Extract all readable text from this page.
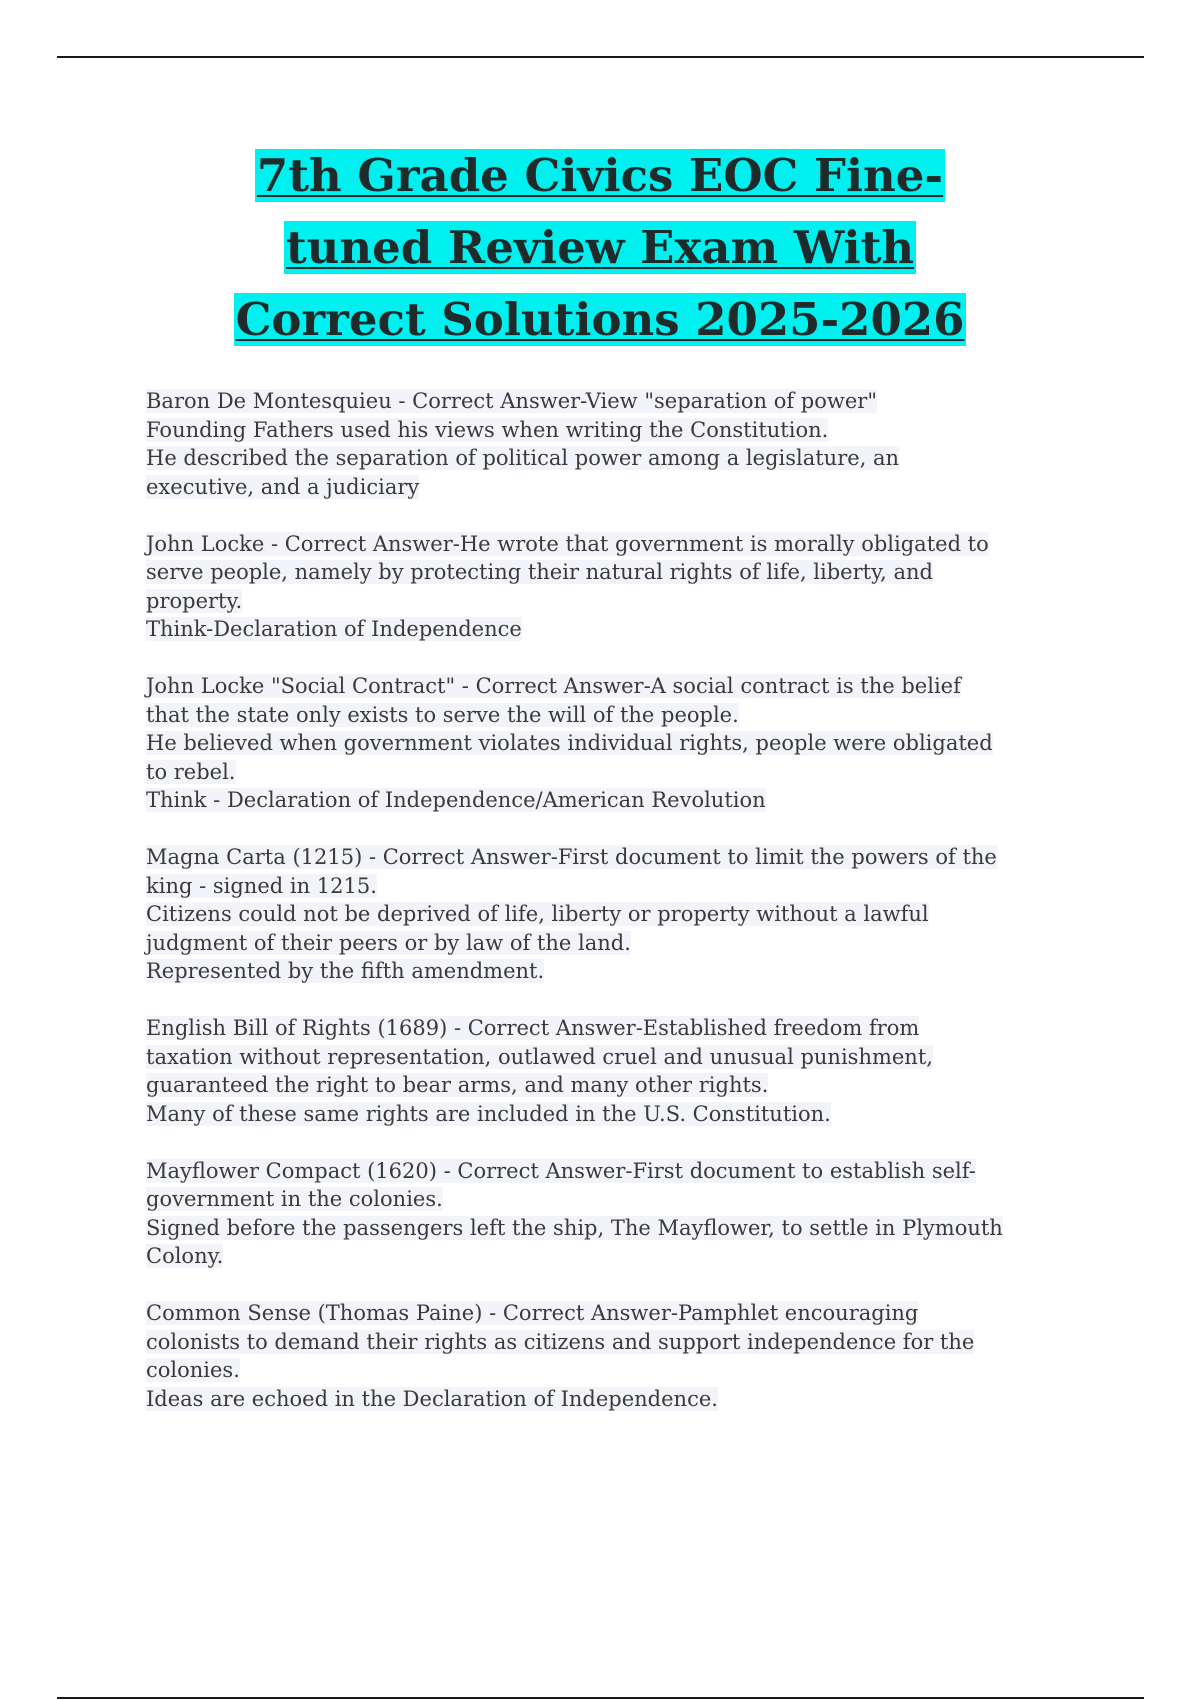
7th Grade Civics EOC Fine-
tuned Review Exam With
Correct Solutions 2025-2026
Baron De Montesquieu - Correct Answer-View "separation of power"
Founding Fathers used his views when writing the Constitution.
He described the separation of political power among a legislature, an
executive, and a judiciary
John Locke - Correct Answer-He wrote that government is morally obligated to
serve people, namely by protecting their natural rights of life, liberty, and
property.
Think-Declaration of Independence
John Locke "Social Contract" - Correct Answer-A social contract is the belief
that the state only exists to serve the will of the people.
He believed when government violates individual rights, people were obligated
to rebel.
Think - Declaration of Independence/American Revolution
Magna Carta (1215) - Correct Answer-First document to limit the powers of the
king - signed in 1215.
Citizens could not be deprived of life, liberty or property without a lawful
judgment of their peers or by law of the land.
Represented by the fifth amendment.
English Bill of Rights (1689) - Correct Answer-Established freedom from
taxation without representation, outlawed cruel and unusual punishment,
guaranteed the right to bear arms, and many other rights.
Many of these same rights are included in the U.S. Constitution.
Mayflower Compact (1620) - Correct Answer-First document to establish self-
government in the colonies.
Signed before the passengers left the ship, The Mayflower, to settle in Plymouth
Colony.
Common Sense (Thomas Paine) - Correct Answer-Pamphlet encouraging
colonists to demand their rights as citizens and support independence for the
colonies.
Ideas are echoed in the Declaration of Independence.
